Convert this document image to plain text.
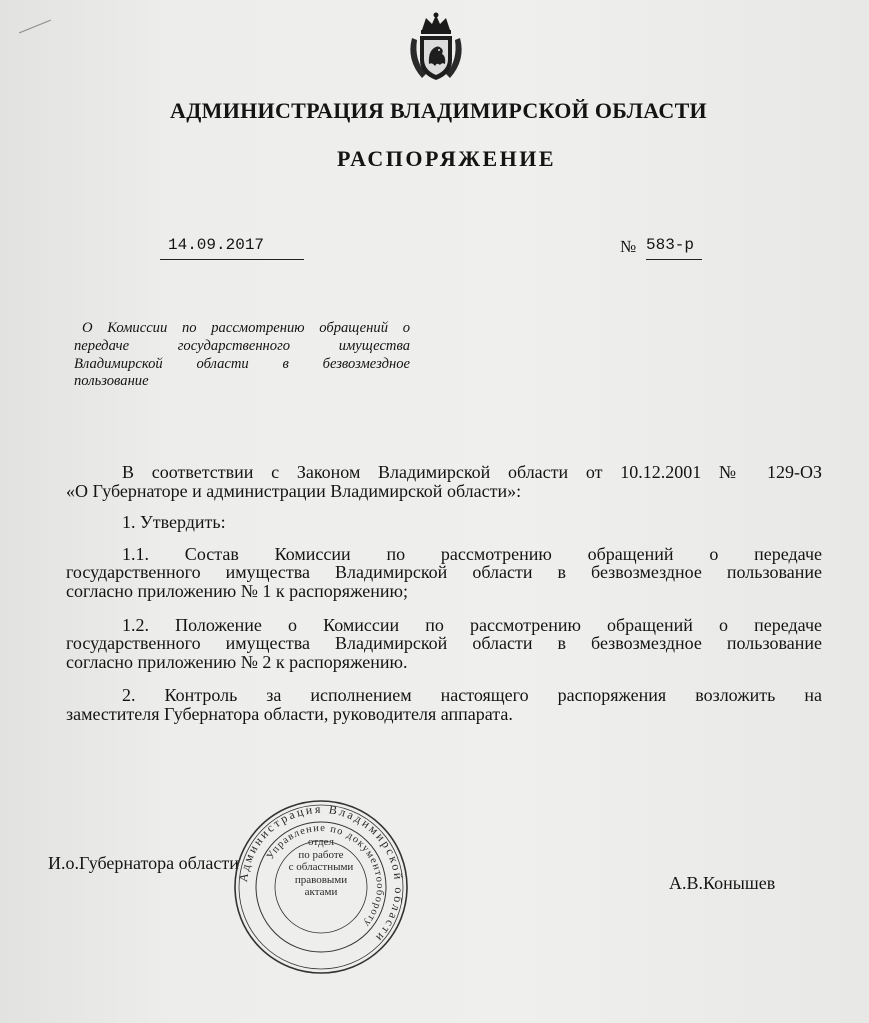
АДМИНИСТРАЦИЯ ВЛАДИМИРСКОЙ ОБЛАСТИ
РАСПОРЯЖЕНИЕ
14.09.2017	№ 583-р
О Комиссии по рассмотрению обращений о
передаче государственного имущества
Владимирской области в безвозмездное
пользование
В соответствии с Законом Владимирской области от 10.12.2001 № 129-ОЗ
«О Губернаторе и администрации Владимирской области»:
1. Утвердить:
1.1. Состав Комиссии по рассмотрению обращений о передаче
государственного имущества Владимирской области в безвозмездное пользование
согласно приложению № 1 к распоряжению;
1.2. Положение о Комиссии по рассмотрению обращений о передаче
государственного имущества Владимирской области в безвозмездное пользование
согласно приложению № 2 к распоряжению.
2. Контроль за исполнением настоящего распоряжения возложить на
заместителя Губернатора области, руководителя аппарата.
И.о.Губернатора области
А.В.Конышев
Администрация Владимирской области
Управление по документообороту
отдел
по работе
с областными
правовыми
актами
